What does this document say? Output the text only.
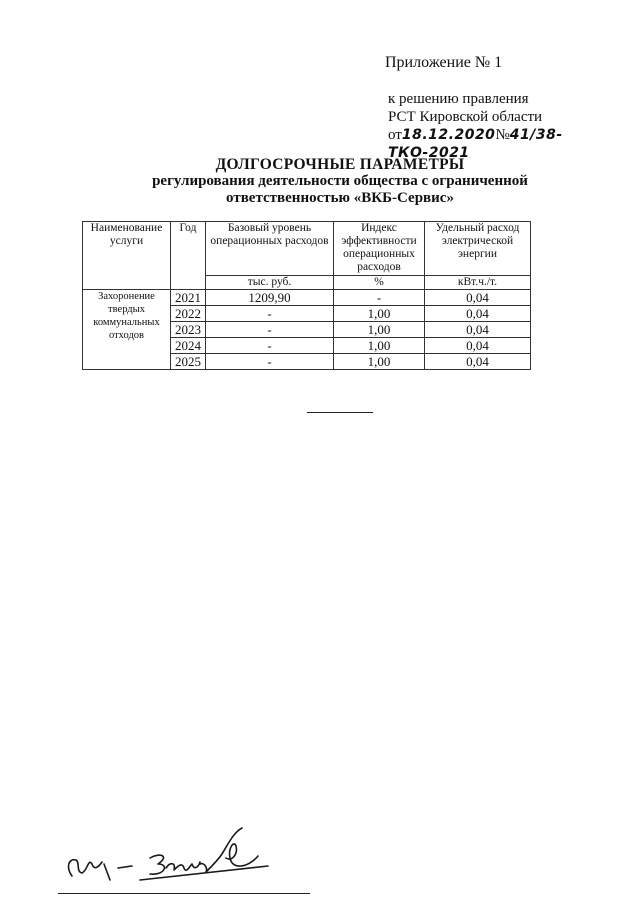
Приложение № 1
к решению правления
РСТ Кировской области
от18.12.2020№41/38-ТКО-2021
ДОЛГОСРОЧНЫЕ ПАРАМЕТРЫ
регулирования деятельности общества с ограниченной
ответственностью «ВКБ-Сервис»
Наименование услуги	Год	Базовый уровень операционных расходов	Индекс эффективности операционных расходов	Удельный расход электрической энергии
		тыс. руб.	%	кВт.ч./т.
Захоронение твердых коммунальных отходов	2021	1209,90	-	0,04
	2022	-	1,00	0,04
	2023	-	1,00	0,04
	2024	-	1,00	0,04
	2025	-	1,00	0,04
